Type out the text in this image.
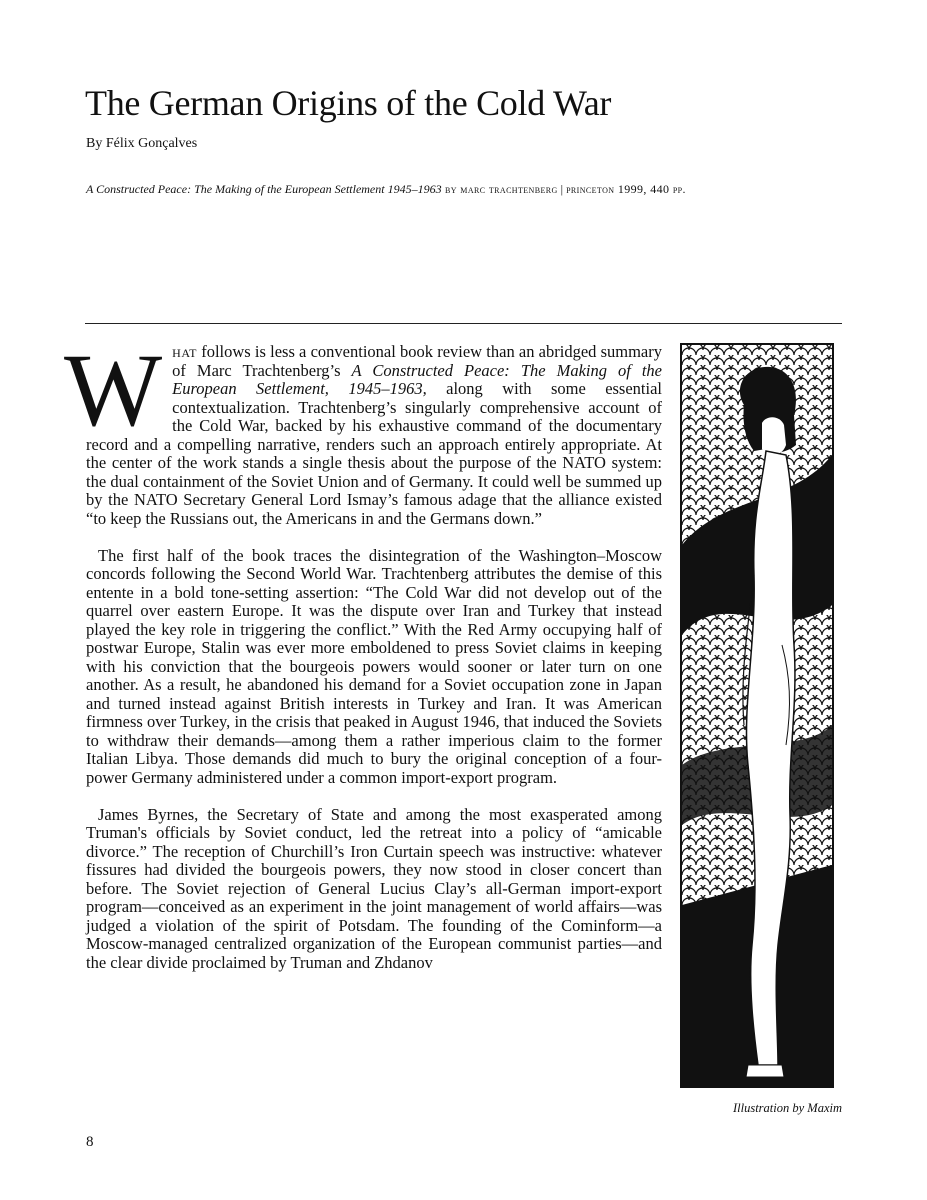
The German Origins of the Cold War
By Félix Gonçalves
A Constructed Peace: The Making of the European Settlement 1945–1963 by marc trachtenberg | princeton 1999, 440 pp.

What follows is less a conventional book review than an abridged summary of Marc Trachtenberg’s A Constructed Peace: The Making of the European Settlement, 1945–1963, along with some essential contextualization. Trachtenberg’s singularly comprehensive account of the Cold War, backed by his exhaustive command of the documentary record and a compelling narrative, renders such an approach entirely appropriate. At the center of the work stands a single thesis about the purpose of the NATO system: the dual containment of the Soviet Union and of Germany. It could well be summed up by the NATO Secretary General Lord Ismay’s famous adage that the alliance existed “to keep the Russians out, the Americans in and the Germans down.”

The first half of the book traces the disintegration of the Washington–Moscow concords following the Second World War. Trachtenberg attributes the demise of this entente in a bold tone-setting assertion: “The Cold War did not develop out of the quarrel over eastern Europe. It was the dispute over Iran and Turkey that instead played the key role in triggering the conflict.” With the Red Army occupying half of postwar Europe, Stalin was ever more emboldened to press Soviet claims in keeping with his conviction that the bourgeois powers would sooner or later turn on one another. As a result, he abandoned his demand for a Soviet occupation zone in Japan and turned instead against British interests in Turkey and Iran. It was American firmness over Turkey, in the crisis that peaked in August 1946, that induced the Soviets to withdraw their demands—among them a rather imperious claim to the former Italian Libya. Those demands did much to bury the original conception of a four-power Germany administered under a common import-export program.

James Byrnes, the Secretary of State and among the most exasperated among Truman's officials by Soviet conduct, led the retreat into a policy of “amicable divorce.” The reception of Churchill’s Iron Curtain speech was instructive: whatever fissures had divided the bourgeois powers, they now stood in closer concert than before. The Soviet rejection of General Lucius Clay’s all-German import-export program—conceived as an experiment in the joint management of world affairs—was judged a violation of the spirit of Potsdam. The founding of the Cominform—a Moscow-managed centralized organization of the European communist parties—and the clear divide proclaimed by Truman and Zhdanov

Illustration by Maxim
8
